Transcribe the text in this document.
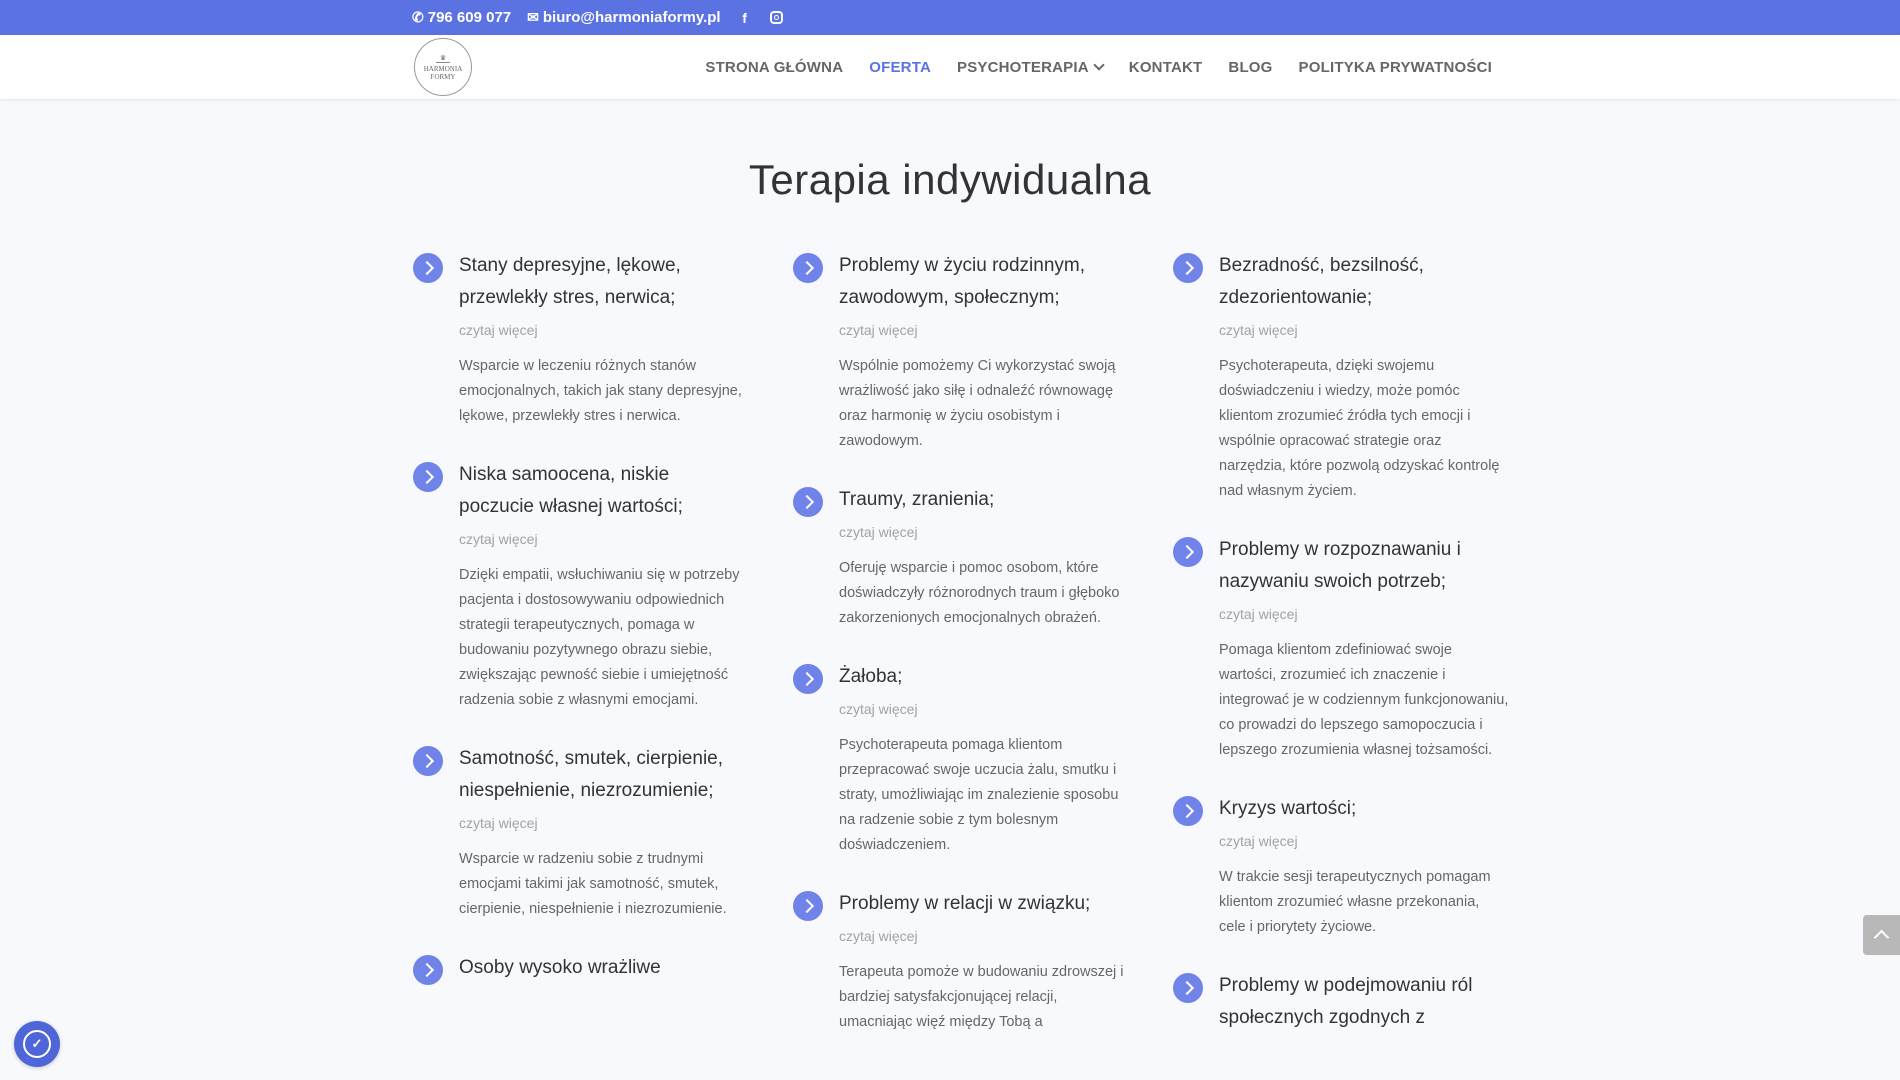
✆ 796 609 077 ✉ biuro@harmoniaformy.pl	f
♛
HARMONIA
FORMY
STRONA GŁÓWNA OFERTA PSYCHOTERAPIA	KONTAKT BLOG POLITYKA PRYWATNOŚCI
Terapia indywidualna
Stany depresyjne, lękowe, przewlekły stres, nerwica;
czytaj więcej
Wsparcie w leczeniu różnych stanów emocjonalnych, takich jak stany depresyjne, lękowe, przewlekły stres i nerwica.
Niska samoocena, niskie poczucie własnej wartości;
czytaj więcej
Dzięki empatii, wsłuchiwaniu się w potrzeby pacjenta i dostosowywaniu odpowiednich strategii terapeutycznych, pomaga w budowaniu pozytywnego obrazu siebie, zwiększając pewność siebie i umiejętność radzenia sobie z własnymi emocjami.
Samotność, smutek, cierpienie, niespełnienie, niezrozumienie;
czytaj więcej
Wsparcie w radzeniu sobie z trudnymi emocjami takimi jak samotność, smutek, cierpienie, niespełnienie i niezrozumienie.
Osoby wysoko wrażliwe
Problemy w życiu rodzinnym, zawodowym, społecznym;
czytaj więcej
Wspólnie pomożemy Ci wykorzystać swoją wrażliwość jako siłę i odnaleźć równowagę oraz harmonię w życiu osobistym i zawodowym.
Traumy, zranienia;
czytaj więcej
Oferuję wsparcie i pomoc osobom, które doświadczyły różnorodnych traum i głęboko zakorzenionych emocjonalnych obrażeń.
Żałoba;
czytaj więcej
Psychoterapeuta pomaga klientom przepracować swoje uczucia żalu, smutku i straty, umożliwiając im znalezienie sposobu na radzenie sobie z tym bolesnym doświadczeniem.
Problemy w relacji w związku;
czytaj więcej
Terapeuta pomoże w budowaniu zdrowszej i bardziej satysfakcjonującej relacji, umacniając więź między Tobą a
Bezradność, bezsilność, zdezorientowanie;
czytaj więcej
Psychoterapeuta, dzięki swojemu doświadczeniu i wiedzy, może pomóc klientom zrozumieć źródła tych emocji i wspólnie opracować strategie oraz narzędzia, które pozwolą odzyskać kontrolę nad własnym życiem.
Problemy w rozpoznawaniu i nazywaniu swoich potrzeb;
czytaj więcej
Pomaga klientom zdefiniować swoje wartości, zrozumieć ich znaczenie i integrować je w codziennym funkcjonowaniu, co prowadzi do lepszego samopoczucia i lepszego zrozumienia własnej tożsamości.
Kryzys wartości;
czytaj więcej
W trakcie sesji terapeutycznych pomagam klientom zrozumieć własne przekonania, cele i priorytety życiowe.
Problemy w podejmowaniu ról społecznych zgodnych z
✓
